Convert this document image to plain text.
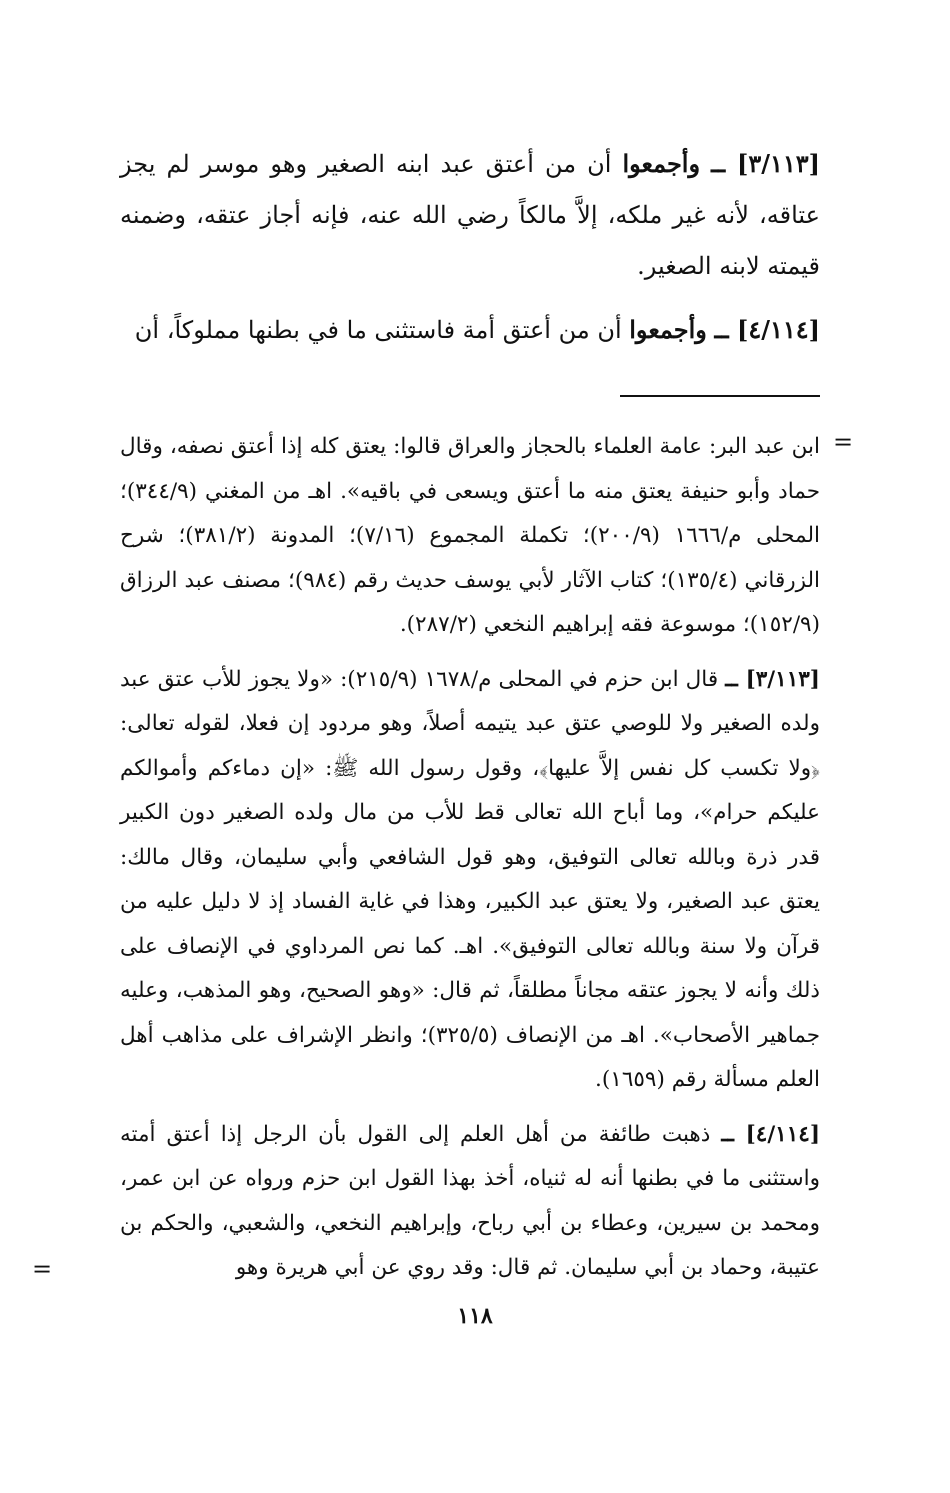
[٣/١١٣] ــ وأجمعوا أن من أعتق عبد ابنه الصغير وهو موسر لم يجز عتاقه، لأنه غير ملكه، إلاَّ مالكاً رضي الله عنه، فإنه أجاز عتقه، وضمنه قيمته لابنه الصغير.

[٤/١١٤] ــ وأجمعوا أن من أعتق أمة فاستثنى ما في بطنها مملوكاً، أن

=

ابن عبد البر: عامة العلماء بالحجاز والعراق قالوا: يعتق كله إذا أعتق نصفه، وقال حماد وأبو حنيفة يعتق منه ما أعتق ويسعى في باقيه». اهـ من المغني (٣٤٤/٩)؛ المحلى م/١٦٦٦ (٢٠٠/٩)؛ تكملة المجموع (٧/١٦)؛ المدونة (٣٨١/٢)؛ شرح الزرقاني (١٣٥/٤)؛ كتاب الآثار لأبي يوسف حديث رقم (٩٨٤)؛ مصنف عبد الرزاق (١٥٢/٩)؛ موسوعة فقه إبراهيم النخعي (٢٨٧/٢).

[٣/١١٣] ــ قال ابن حزم في المحلى م/١٦٧٨ (٢١٥/٩): «ولا يجوز للأب عتق عبد ولده الصغير ولا للوصي عتق عبد يتيمه أصلاً، وهو مردود إن فعلا، لقوله تعالى: ﴿ولا تكسب كل نفس إلاَّ عليها﴾، وقول رسول الله ﷺ: «إن دماءكم وأموالكم عليكم حرام»، وما أباح الله تعالى قط للأب من مال ولده الصغير دون الكبير قدر ذرة وبالله تعالى التوفيق، وهو قول الشافعي وأبي سليمان، وقال مالك: يعتق عبد الصغير، ولا يعتق عبد الكبير، وهذا في غاية الفساد إذ لا دليل عليه من قرآن ولا سنة وبالله تعالى التوفيق». اهـ. كما نص المرداوي في الإنصاف على ذلك وأنه لا يجوز عتقه مجاناً مطلقاً، ثم قال: «وهو الصحيح، وهو المذهب، وعليه جماهير الأصحاب». اهـ من الإنصاف (٣٢٥/٥)؛ وانظر الإشراف على مذاهب أهل العلم مسألة رقم (١٦٥٩).

[٤/١١٤] ــ ذهبت طائفة من أهل العلم إلى القول بأن الرجل إذا أعتق أمته واستثنى ما في بطنها أنه له ثنياه، أخذ بهذا القول ابن حزم ورواه عن ابن عمر، ومحمد بن سيرين، وعطاء بن أبي رباح، وإبراهيم النخعي، والشعبي، والحكم بن عتيبة، وحماد بن أبي سليمان. ثم قال: وقد روي عن أبي هريرة وهو

=
١١٨
